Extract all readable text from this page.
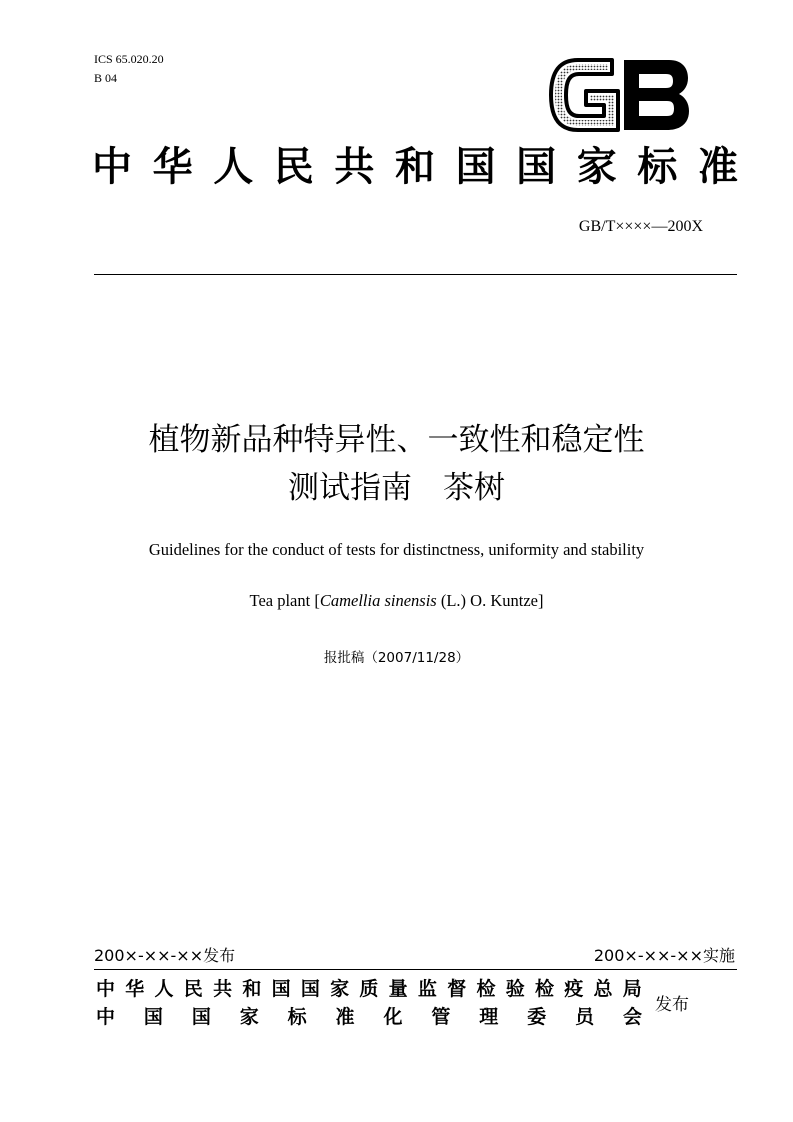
ICS 65.020.20
B 04
中 华 人 民 共 和 国 国 家 标 准
GB/T××××—200X
植物新品种特异性、一致性和稳定性
测试指南　茶树
Guidelines for the conduct of tests for distinctness, uniformity and stability
Tea plant [Camellia sinensis (L.) O. Kuntze]
报批稿（2007/11/28）
200×-××-××发布	200×-××-××实施
中 华 人 民 共 和 国 国 家 质 量 监 督 检 验 检 疫 总 局
中 国 国 家 标 准 化 管 理 委 员 会
发布
